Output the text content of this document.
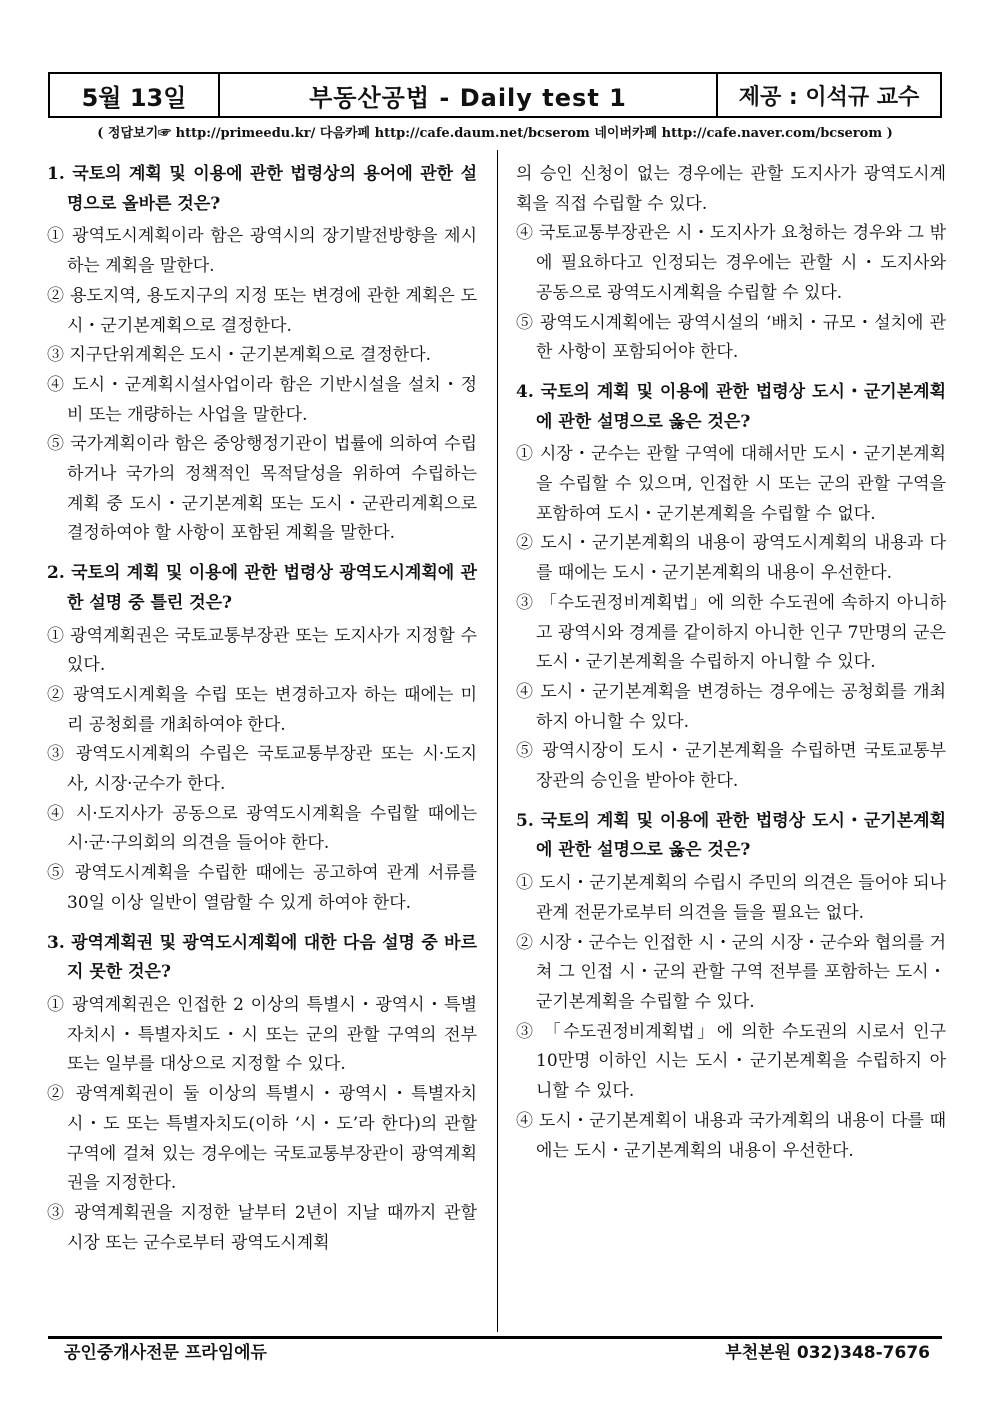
5월 13일	부동산공법 - Daily test 1	제공 : 이석규 교수
( 정답보기☞ http://primeedu.kr/ 다음카페 http://cafe.daum.net/bcserom 네이버카페 http://cafe.naver.com/bcserom )

1. 국토의 계획 및 이용에 관한 법령상의 용어에 관한 설명으로 올바른 것은?

① 광역도시계획이라 함은 광역시의 장기발전방향을 제시하는 계획을 말한다.

② 용도지역, 용도지구의 지정 또는 변경에 관한 계획은 도시・군기본계획으로 결정한다.

③ 지구단위계획은 도시・군기본계획으로 결정한다.

④ 도시・군계획시설사업이라 함은 기반시설을 설치・정비 또는 개량하는 사업을 말한다.

⑤ 국가계획이라 함은 중앙행정기관이 법률에 의하여 수립하거나 국가의 정책적인 목적달성을 위하여 수립하는 계획 중 도시・군기본계획 또는 도시・군관리계획으로 결정하여야 할 사항이 포함된 계획을 말한다.

2. 국토의 계획 및 이용에 관한 법령상 광역도시계획에 관한 설명 중 틀린 것은?

① 광역계획권은 국토교통부장관 또는 도지사가 지정할 수 있다.

② 광역도시계획을 수립 또는 변경하고자 하는 때에는 미리 공청회를 개최하여야 한다.

③ 광역도시계획의 수립은 국토교통부장관 또는 시·도지사, 시장·군수가 한다.

④ 시·도지사가 공동으로 광역도시계획을 수립할 때에는 시·군·구의회의 의견을 들어야 한다.

⑤ 광역도시계획을 수립한 때에는 공고하여 관계 서류를 30일 이상 일반이 열람할 수 있게 하여야 한다.

3. 광역계획권 및 광역도시계획에 대한 다음 설명 중 바르지 못한 것은?

① 광역계획권은 인접한 2 이상의 특별시・광역시・특별자치시・특별자치도・시 또는 군의 관할 구역의 전부 또는 일부를 대상으로 지정할 수 있다.

② 광역계획권이 둘 이상의 특별시・광역시・특별자치시・도 또는 특별자치도(이하 ‘시・도’라 한다)의 관할 구역에 걸쳐 있는 경우에는 국토교통부장관이 광역계획권을 지정한다.

③ 광역계획권을 지정한 날부터 2년이 지날 때까지 관할 시장 또는 군수로부터 광역도시계획

의 승인 신청이 없는 경우에는 관할 도지사가 광역도시계획을 직접 수립할 수 있다.

④ 국토교통부장관은 시・도지사가 요청하는 경우와 그 밖에 필요하다고 인정되는 경우에는 관할 시・도지사와 공동으로 광역도시계획을 수립할 수 있다.

⑤ 광역도시계획에는 광역시설의 ‘배치・규모・설치에 관한 사항이 포함되어야 한다.

4. 국토의 계획 및 이용에 관한 법령상 도시・군기본계획에 관한 설명으로 옳은 것은?

① 시장・군수는 관할 구역에 대해서만 도시・군기본계획을 수립할 수 있으며, 인접한 시 또는 군의 관할 구역을 포함하여 도시・군기본계획을 수립할 수 없다.

② 도시・군기본계획의 내용이 광역도시계획의 내용과 다를 때에는 도시・군기본계획의 내용이 우선한다.

③ 「수도권정비계획법」에 의한 수도권에 속하지 아니하고 광역시와 경계를 같이하지 아니한 인구 7만명의 군은 도시・군기본계획을 수립하지 아니할 수 있다.

④ 도시・군기본계획을 변경하는 경우에는 공청회를 개최하지 아니할 수 있다.

⑤ 광역시장이 도시・군기본계획을 수립하면 국토교통부장관의 승인을 받아야 한다.

5. 국토의 계획 및 이용에 관한 법령상 도시・군기본계획에 관한 설명으로 옳은 것은?

① 도시・군기본계획의 수립시 주민의 의견은 들어야 되나 관계 전문가로부터 의견을 들을 필요는 없다.

② 시장・군수는 인접한 시・군의 시장・군수와 협의를 거쳐 그 인접 시・군의 관할 구역 전부를 포함하는 도시・군기본계획을 수립할 수 있다.

③ 「수도권정비계획법」에 의한 수도권의 시로서 인구 10만명 이하인 시는 도시・군기본계획을 수립하지 아니할 수 있다.

④ 도시・군기본계획이 내용과 국가계획의 내용이 다를 때에는 도시・군기본계획의 내용이 우선한다.

공인중개사전문 프라임에듀	부천본원 032)348-7676
